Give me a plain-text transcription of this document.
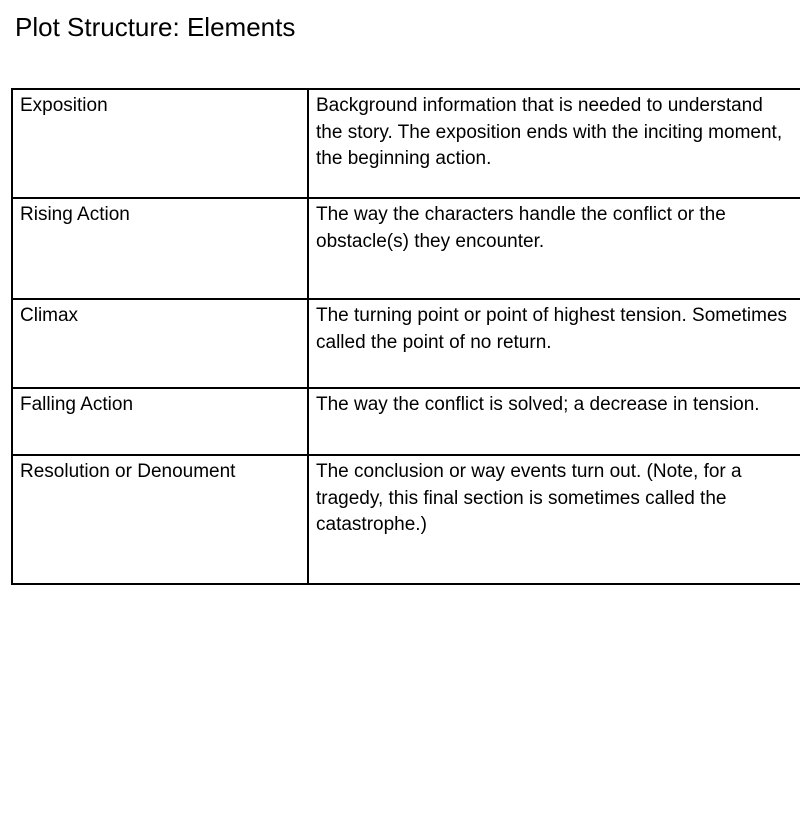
Plot Structure: Elements
Exposition	Background information that is needed to understand the story. The exposition ends with the inciting moment, the beginning action.
Rising Action	The way the characters handle the conflict or the obstacle(s) they encounter.
Climax	The turning point or point of highest tension. Sometimes called the point of no return.
Falling Action	The way the conflict is solved; a decrease in tension.
Resolution or Denoument	The conclusion or way events turn out. (Note, for a tragedy, this final section is sometimes called the catastrophe.)
